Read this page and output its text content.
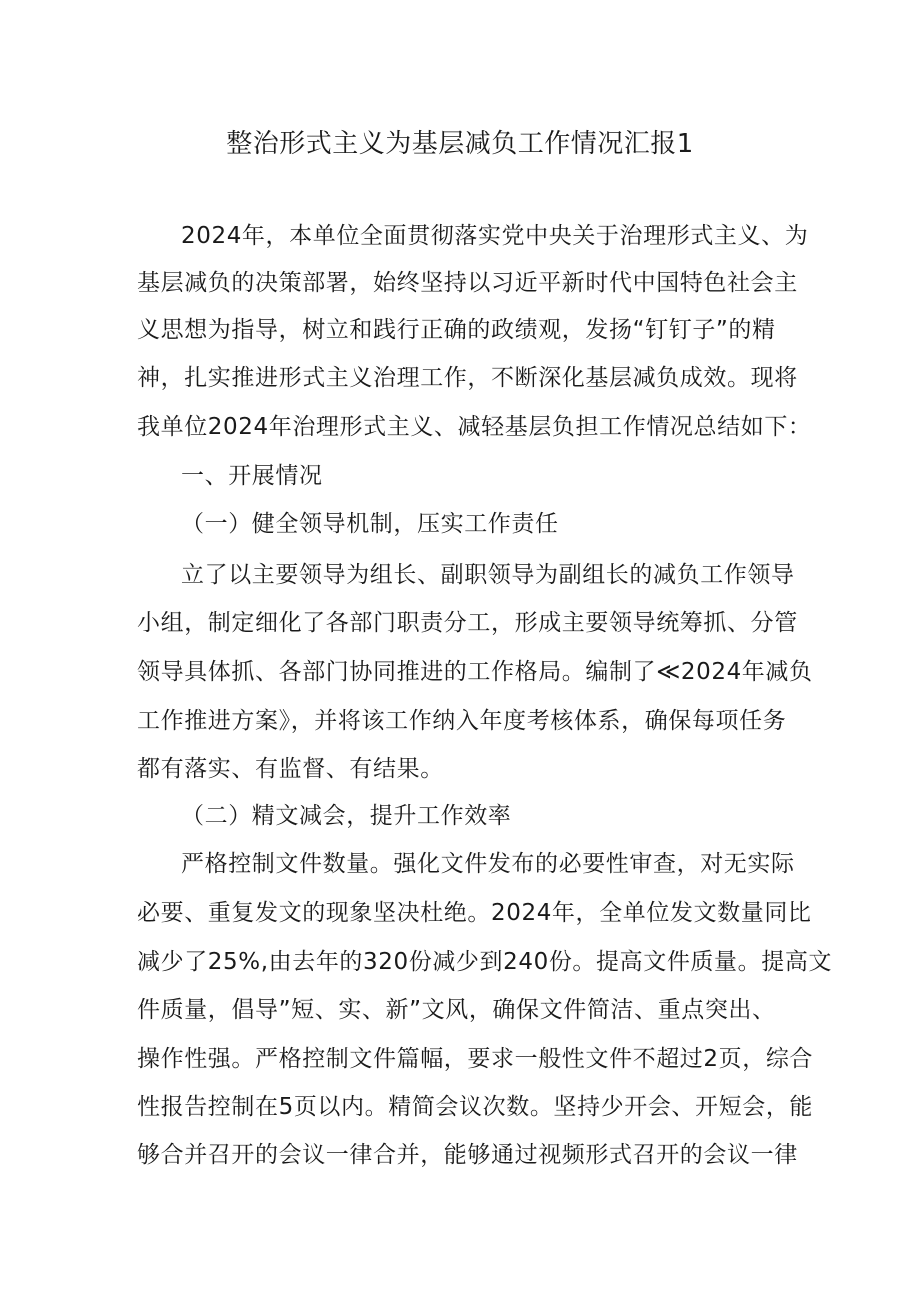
整治形式主义为基层减负工作情况汇报1
2024年，本单位全面贯彻落实党中央关于治理形式主义、为
基层减负的决策部署，始终坚持以习近平新时代中国特色社会主
义思想为指导，树立和践行正确的政绩观，发扬“钉钉子”的精
神，扎实推进形式主义治理工作，不断深化基层减负成效。现将
我单位2024年治理形式主义、减轻基层负担工作情况总结如下：
一、开展情况
（一）健全领导机制，压实工作责任
立了以主要领导为组长、副职领导为副组长的减负工作领导
小组，制定细化了各部门职责分工，形成主要领导统筹抓、分管
领导具体抓、各部门协同推进的工作格局。编制了≪2024年减负
工作推进方案》，并将该工作纳入年度考核体系，确保每项任务
都有落实、有监督、有结果。
（二）精文减会，提升工作效率
严格控制文件数量。强化文件发布的必要性审查，对无实际
必要、重复发文的现象坚决杜绝。2024年，全单位发文数量同比
减少了25%,由去年的320份减少到240份。提高文件质量。提高文
件质量，倡导”短、实、新”文风，确保文件简洁、重点突出、
操作性强。严格控制文件篇幅，要求一般性文件不超过2页，综合
性报告控制在5页以内。精简会议次数。坚持少开会、开短会，能
够合并召开的会议一律合并，能够通过视频形式召开的会议一律
